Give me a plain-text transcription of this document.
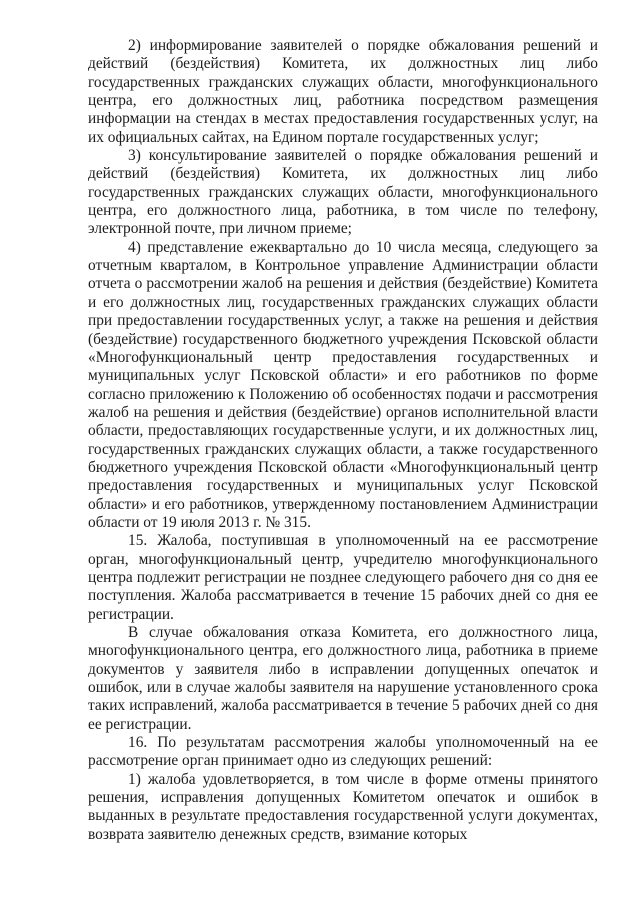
2) информирование заявителей о порядке обжалования решений и действий (бездействия) Комитета, их должностных лиц либо государственных гражданских служащих области, многофункционального центра, его должностных лиц, работника посредством размещения информации на стендах в местах предоставления государственных услуг, на их официальных сайтах, на Едином портале государственных услуг;

3) консультирование заявителей о порядке обжалования решений и действий (бездействия) Комитета, их должностных лиц либо государственных гражданских служащих области, многофункционального центра, его должностного лица, работника, в том числе по телефону, электронной почте, при личном приеме;

4) представление ежеквартально до 10 числа месяца, следующего за отчетным кварталом, в Контрольное управление Администрации области отчета о рассмотрении жалоб на решения и действия (бездействие) Комитета и его должностных лиц, государственных гражданских служащих области при предоставлении государственных услуг, а также на решения и действия (бездействие) государственного бюджетного учреждения Псковской области «Многофункциональный центр предоставления государственных и муниципальных услуг Псковской области» и его работников по форме согласно приложению к Положению об особенностях подачи и рассмотрения жалоб на решения и действия (бездействие) органов исполнительной власти области, предоставляющих государственные услуги, и их должностных лиц, государственных гражданских служащих области, а также государственного бюджетного учреждения Псковской области «Многофункциональный центр предоставления государственных и муниципальных услуг Псковской области» и его работников, утвержденному постановлением Администрации области от 19 июля 2013 г. № 315.

15. Жалоба, поступившая в уполномоченный на ее рассмотрение орган, многофункциональный центр, учредителю многофункционального центра подлежит регистрации не позднее следующего рабочего дня со дня ее поступления. Жалоба рассматривается в течение 15 рабочих дней со дня ее регистрации.

В случае обжалования отказа Комитета, его должностного лица, многофункционального центра, его должностного лица, работника в приеме документов у заявителя либо в исправлении допущенных опечаток и ошибок, или в случае жалобы заявителя на нарушение установленного срока таких исправлений, жалоба рассматривается в течение 5 рабочих дней со дня ее регистрации.

16. По результатам рассмотрения жалобы уполномоченный на ее рассмотрение орган принимает одно из следующих решений:

1) жалоба удовлетворяется, в том числе в форме отмены принятого решения, исправления допущенных Комитетом опечаток и ошибок в выданных в результате предоставления государственной услуги документах, возврата заявителю денежных средств, взимание которых
